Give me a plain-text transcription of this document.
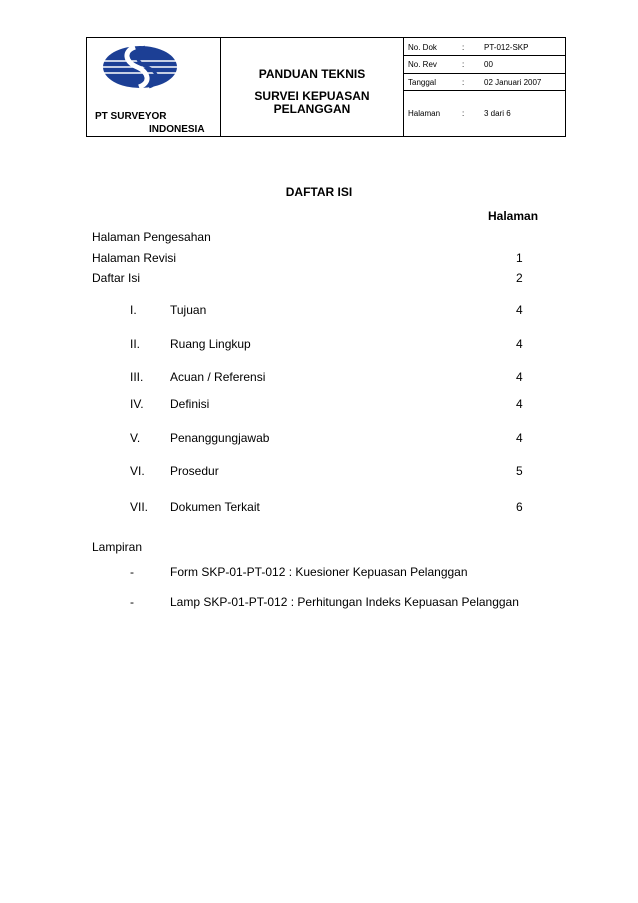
PT SURVEYOR
INDONESIA
PANDUAN TEKNIS
SURVEI KEPUASAN
PELANGGAN
No. Dok	: PT-012-SKP
No. Rev	: 00
Tanggal	: 02 Januari 2007
Halaman	: 3 dari 6
DAFTAR ISI
Halaman
Halaman Pengesahan
Halaman Revisi	1
Daftar Isi	2
I.	Tujuan	4
II. Ruang Lingkup	4
III. Acuan / Referensi	4
IV. Definisi	4
V. Penanggungjawab	4
VI. Prosedur	5
VII. Dokumen Terkait	6
Lampiran
-	Form SKP-01-PT-012 : Kuesioner Kepuasan Pelanggan
-	Lamp SKP-01-PT-012 : Perhitungan Indeks Kepuasan Pelanggan
